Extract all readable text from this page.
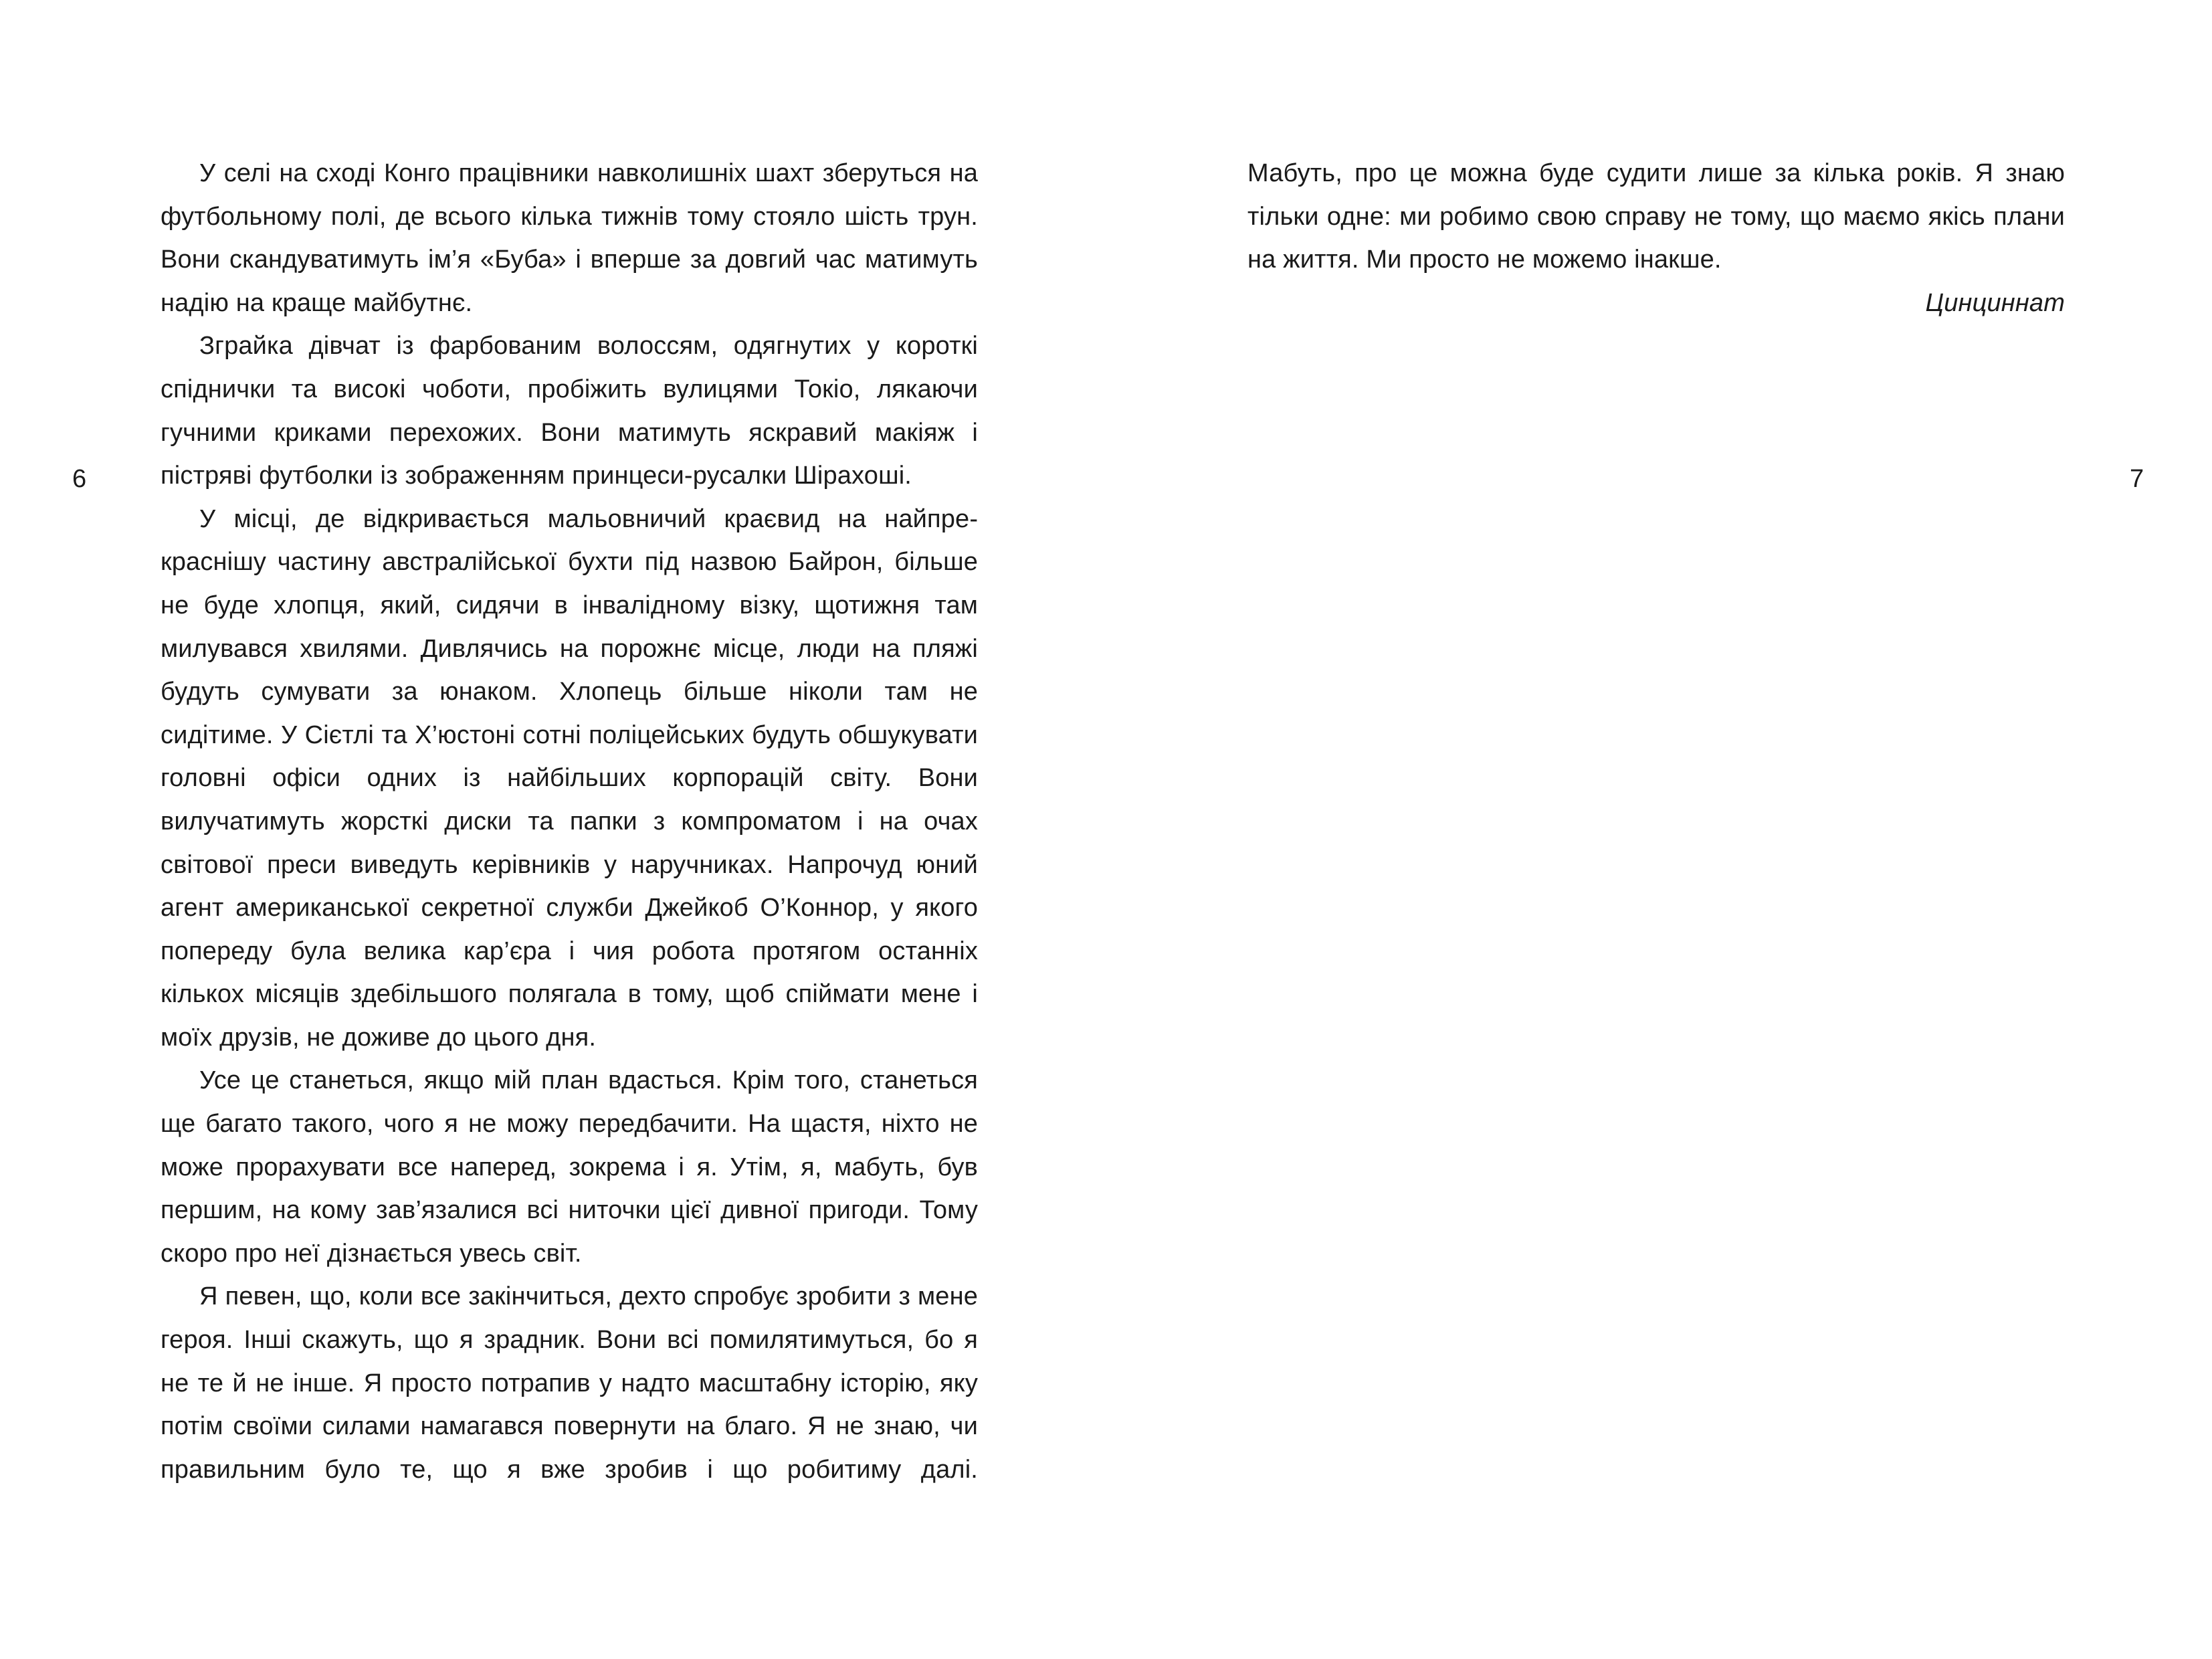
У селі на сході Конго працівники навколишніх шахт зберуться на футбольному полі, де всього кілька тижнів тому стояло шість трун. Вони скандуватимуть ім’я «Буба» і вперше за довгий час матимуть надію на краще майбутнє.

Зграйка дівчат із фарбованим волоссям, одягнутих у короткі спіднички та високі чоботи, пробіжить вулицями Токіо, лякаючи гучними криками перехожих. Вони матимуть яскравий макіяж і пістряві футболки із зображенням принцеси-русалки Шірахоші.

У місці, де відкривається мальовничий краєвид на найпрекраснішу частину австралійської бухти під назвою Байрон, більше не буде хлопця, який, сидячи в інвалідному візку, щотижня там милувався хвилями. Дивлячись на порожнє місце, люди на пляжі будуть сумувати за юнаком. Хлопець більше ніколи там не сидітиме. У Сієтлі та Х’юстоні сотні поліцейських будуть обшукувати головні офіси одних із найбільших корпорацій світу. Вони вилучатимуть жорсткі диски та папки з компроматом і на очах світової преси виведуть керівників у наручниках. Напрочуд юний агент американської секретної служби Джейкоб О’Коннор, у якого попереду була велика кар’єра і чия робота протягом останніх кількох місяців здебільшого полягала в тому, щоб спіймати мене і моїх друзів, не доживе до цього дня.

Усе це станеться, якщо мій план вдасться. Крім того, станеться ще багато такого, чого я не можу передбачити. На щастя, ніхто не може прорахувати все наперед, зокрема і я. Утім, я, мабуть, був першим, на кому зав’язалися всі ниточки цієї дивної пригоди. Тому скоро про неї дізнається увесь світ.

Я певен, що, коли все закінчиться, дехто спробує зробити з мене героя. Інші скажуть, що я зрадник. Вони всі помилятимуться, бо я не те й не інше. Я просто потрапив у надто масштабну історію, яку потім своїми силами намагався повернути на благо. Я не знаю, чи правильним було те, що я вже зробив і що робитиму далі.

6

Мабуть, про це можна буде судити лише за кілька років. Я знаю тільки одне: ми робимо свою справу не тому, що маємо якісь плани на життя. Ми просто не можемо інакше.

Цинциннат

7
